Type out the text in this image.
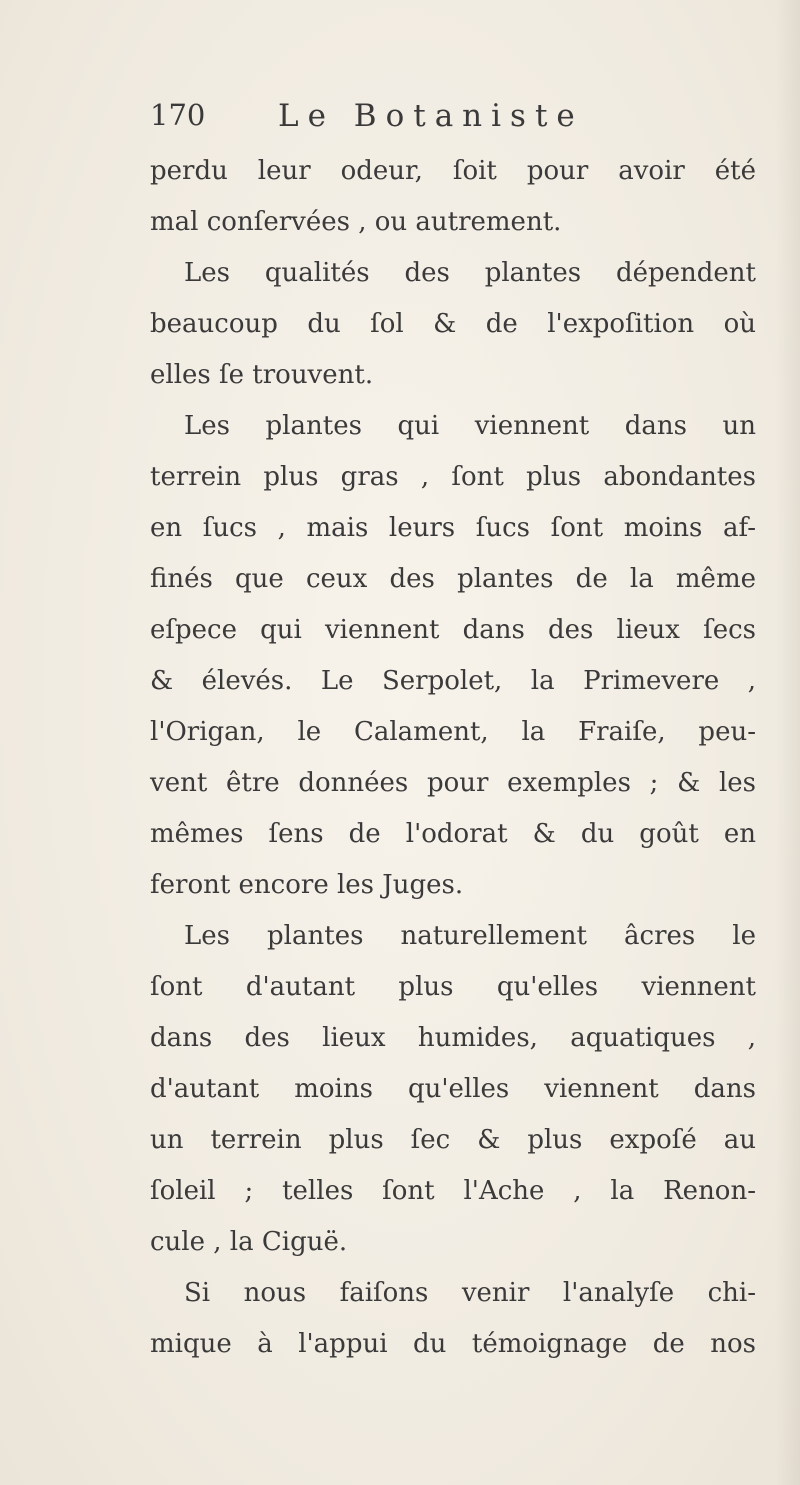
170 Le Botaniste
perdu leur odeur, ſoit pour avoir été
mal conſervées , ou autrement.
Les qualités des plantes dépendent
beaucoup du ſol & de l'expoſition où
elles ſe trouvent.
Les plantes qui viennent dans un
terrein plus gras , ſont plus abondantes
en ſucs , mais leurs ſucs ſont moins af-
finés que ceux des plantes de la même
eſpece qui viennent dans des lieux ſecs
& élevés. Le Serpolet, la Primevere ,
l'Origan, le Calament, la Fraiſe, peu-
vent être données pour exemples ; & les
mêmes ſens de l'odorat & du goût en
feront encore les Juges.
Les plantes naturellement âcres le
ſont d'autant plus qu'elles viennent
dans des lieux humides, aquatiques ,
d'autant moins qu'elles viennent dans
un terrein plus ſec & plus expoſé au
ſoleil ; telles ſont l'Ache , la Renon-
cule , la Ciguë.
Si nous faiſons venir l'analyſe chi-
mique à l'appui du témoignage de nos
